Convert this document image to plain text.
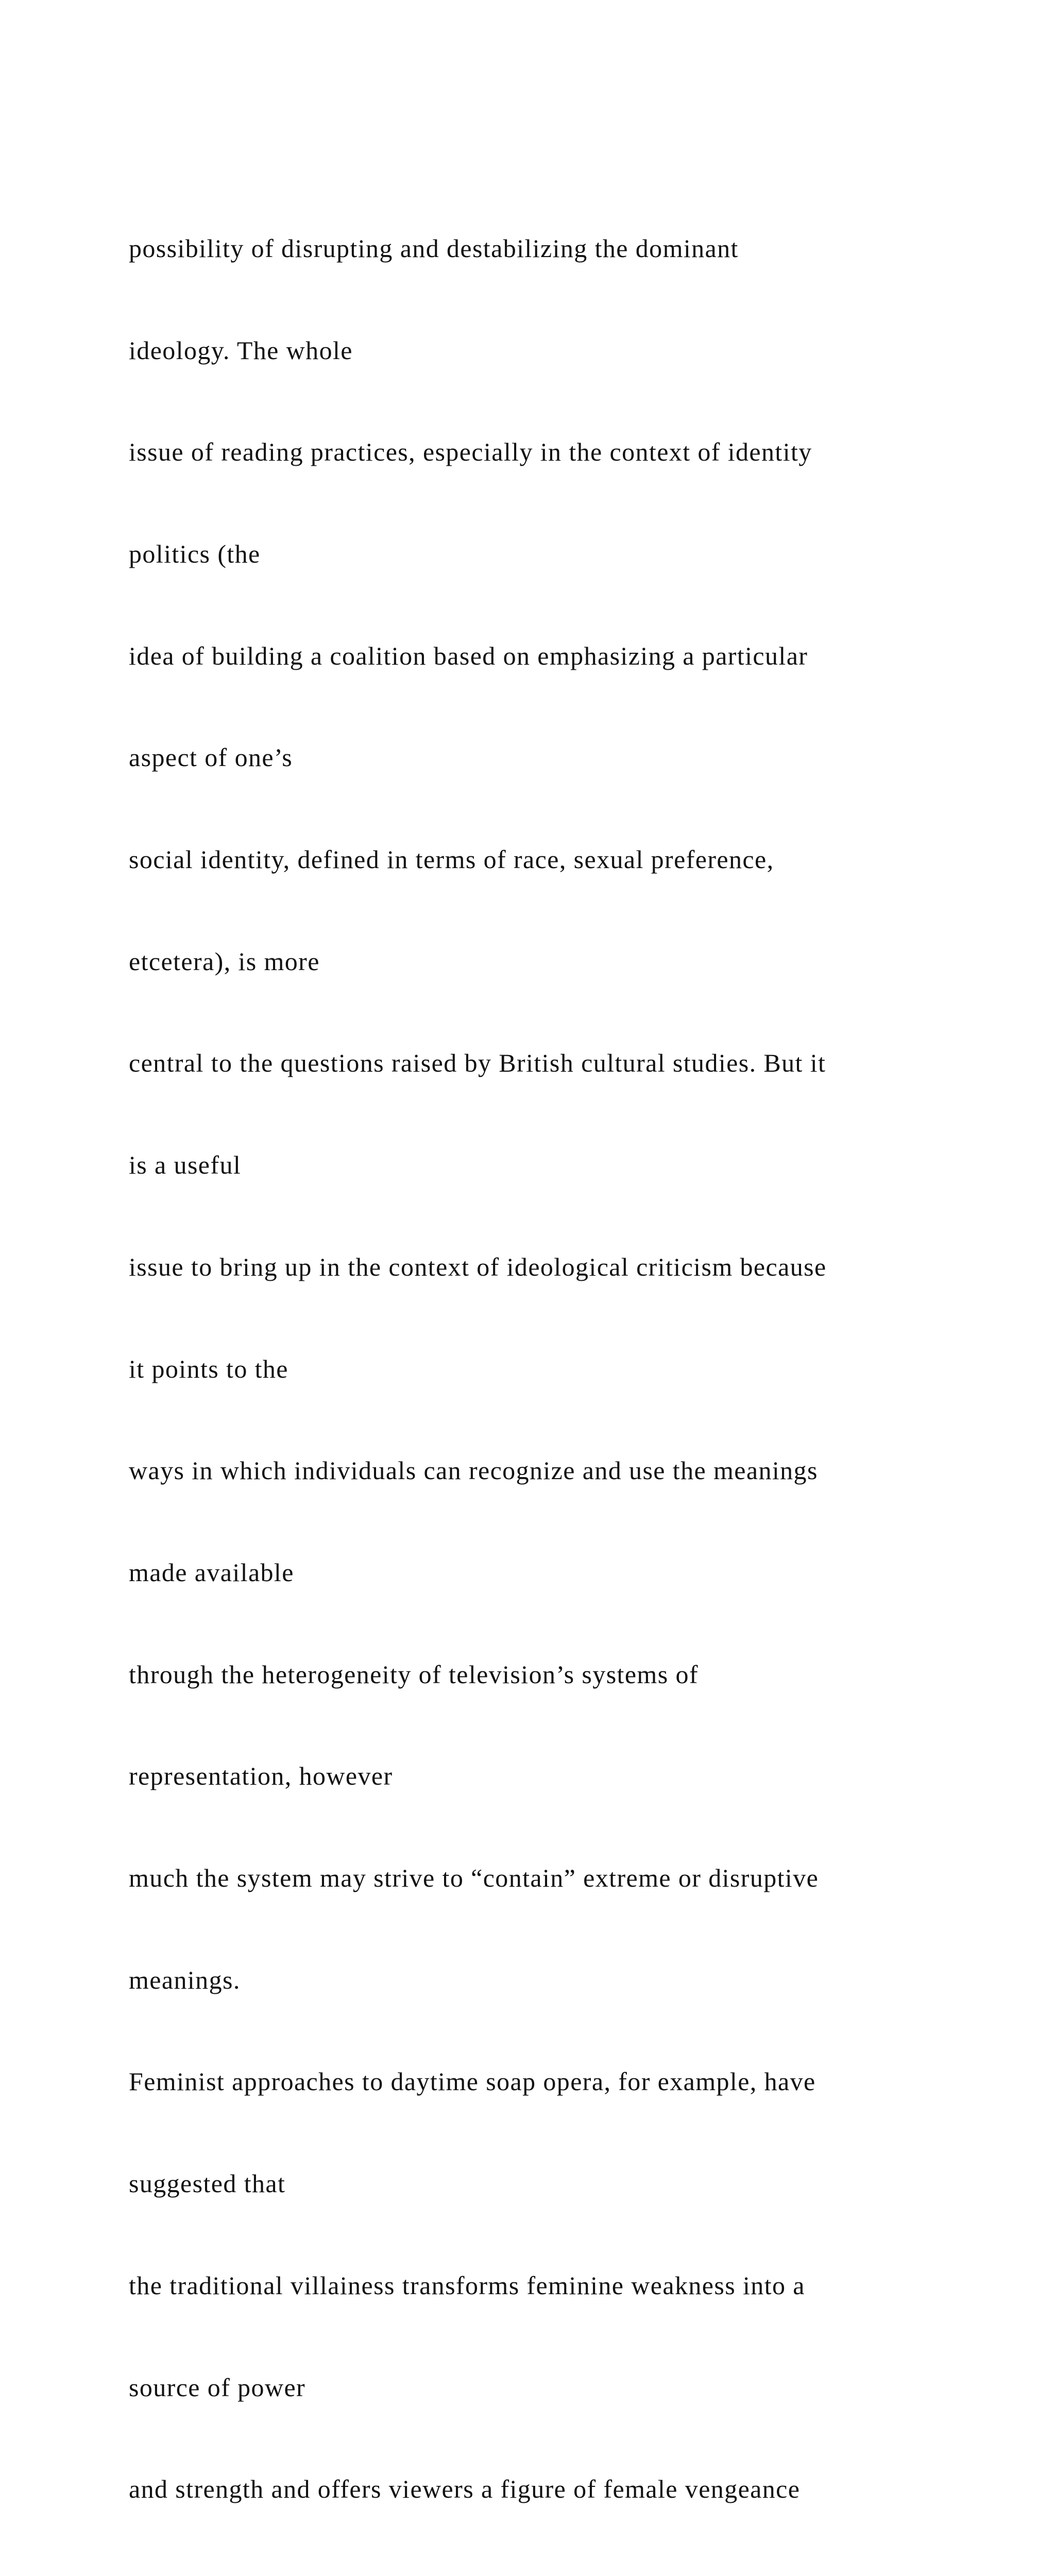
possibility of disrupting and destabilizing the dominant

ideology. The whole

issue of reading practices, especially in the context of identity

politics (the

idea of building a coalition based on emphasizing a particular

aspect of one’s

social identity, defined in terms of race, sexual preference,

etcetera), is more

central to the questions raised by British cultural studies. But it

is a useful

issue to bring up in the context of ideological criticism because

it points to the

ways in which individuals can recognize and use the meanings

made available

through the heterogeneity of television’s systems of

representation, however

much the system may strive to “contain” extreme or disruptive

meanings.

Feminist approaches to daytime soap opera, for example, have

suggested that

the traditional villainess transforms feminine weakness into a

source of power

and strength and offers viewers a figure of female vengeance
